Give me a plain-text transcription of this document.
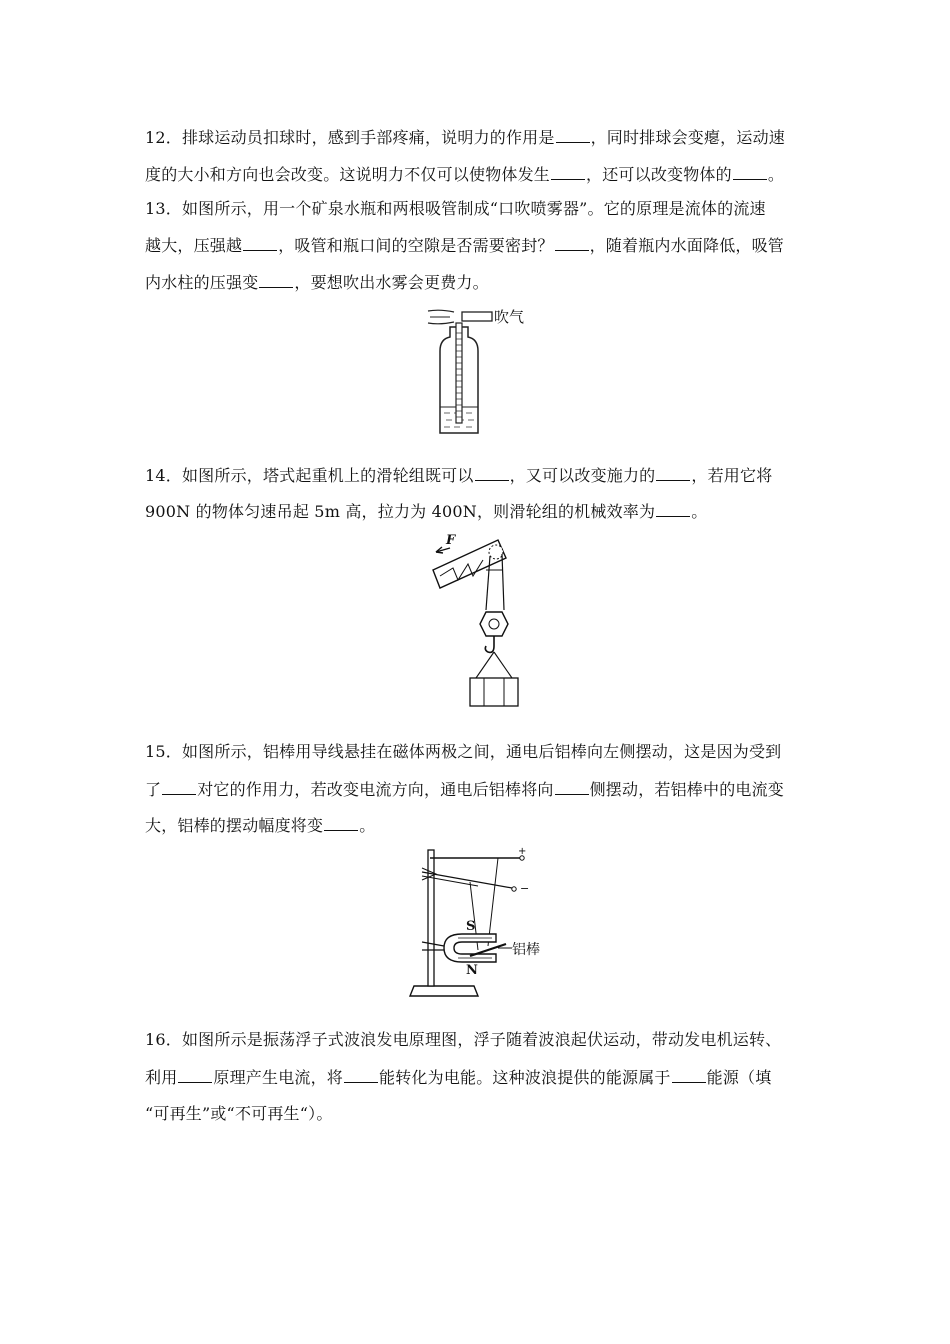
12．排球运动员扣球时，感到手部疼痛，说明力的作用是 ，同时排球会变瘪，运动速
度的大小和方向也会改变。这说明力不仅可以使物体发生 ，还可以改变物体的 。
13．如图所示，用一个矿泉水瓶和两根吸管制成“口吹喷雾器”。它的原理是流体的流速
越大，压强越 ，吸管和瓶口间的空隙是否需要密封？ ，随着瓶内水面降低，吸管
内水柱的压强变 ，要想吹出水雾会更费力。
吹气
14．如图所示，塔式起重机上的滑轮组既可以 ，又可以改变施力的 ，若用它将
900N 的物体匀速吊起 5m 高，拉力为 400N，则滑轮组的机械效率为 。
F
15．如图所示，铝棒用导线悬挂在磁体两极之间，通电后铝棒向左侧摆动，这是因为受到
了 对它的作用力，若改变电流方向，通电后铝棒将向 侧摆动，若铝棒中的电流变
大，铝棒的摆动幅度将变 。
+
−
S
N
铝棒
16．如图所示是振荡浮子式波浪发电原理图，浮子随着波浪起伏运动，带动发电机运转、
利用 原理产生电流，将 能转化为电能。这种波浪提供的能源属于 能源（填
“可再生”或“不可再生“）。
